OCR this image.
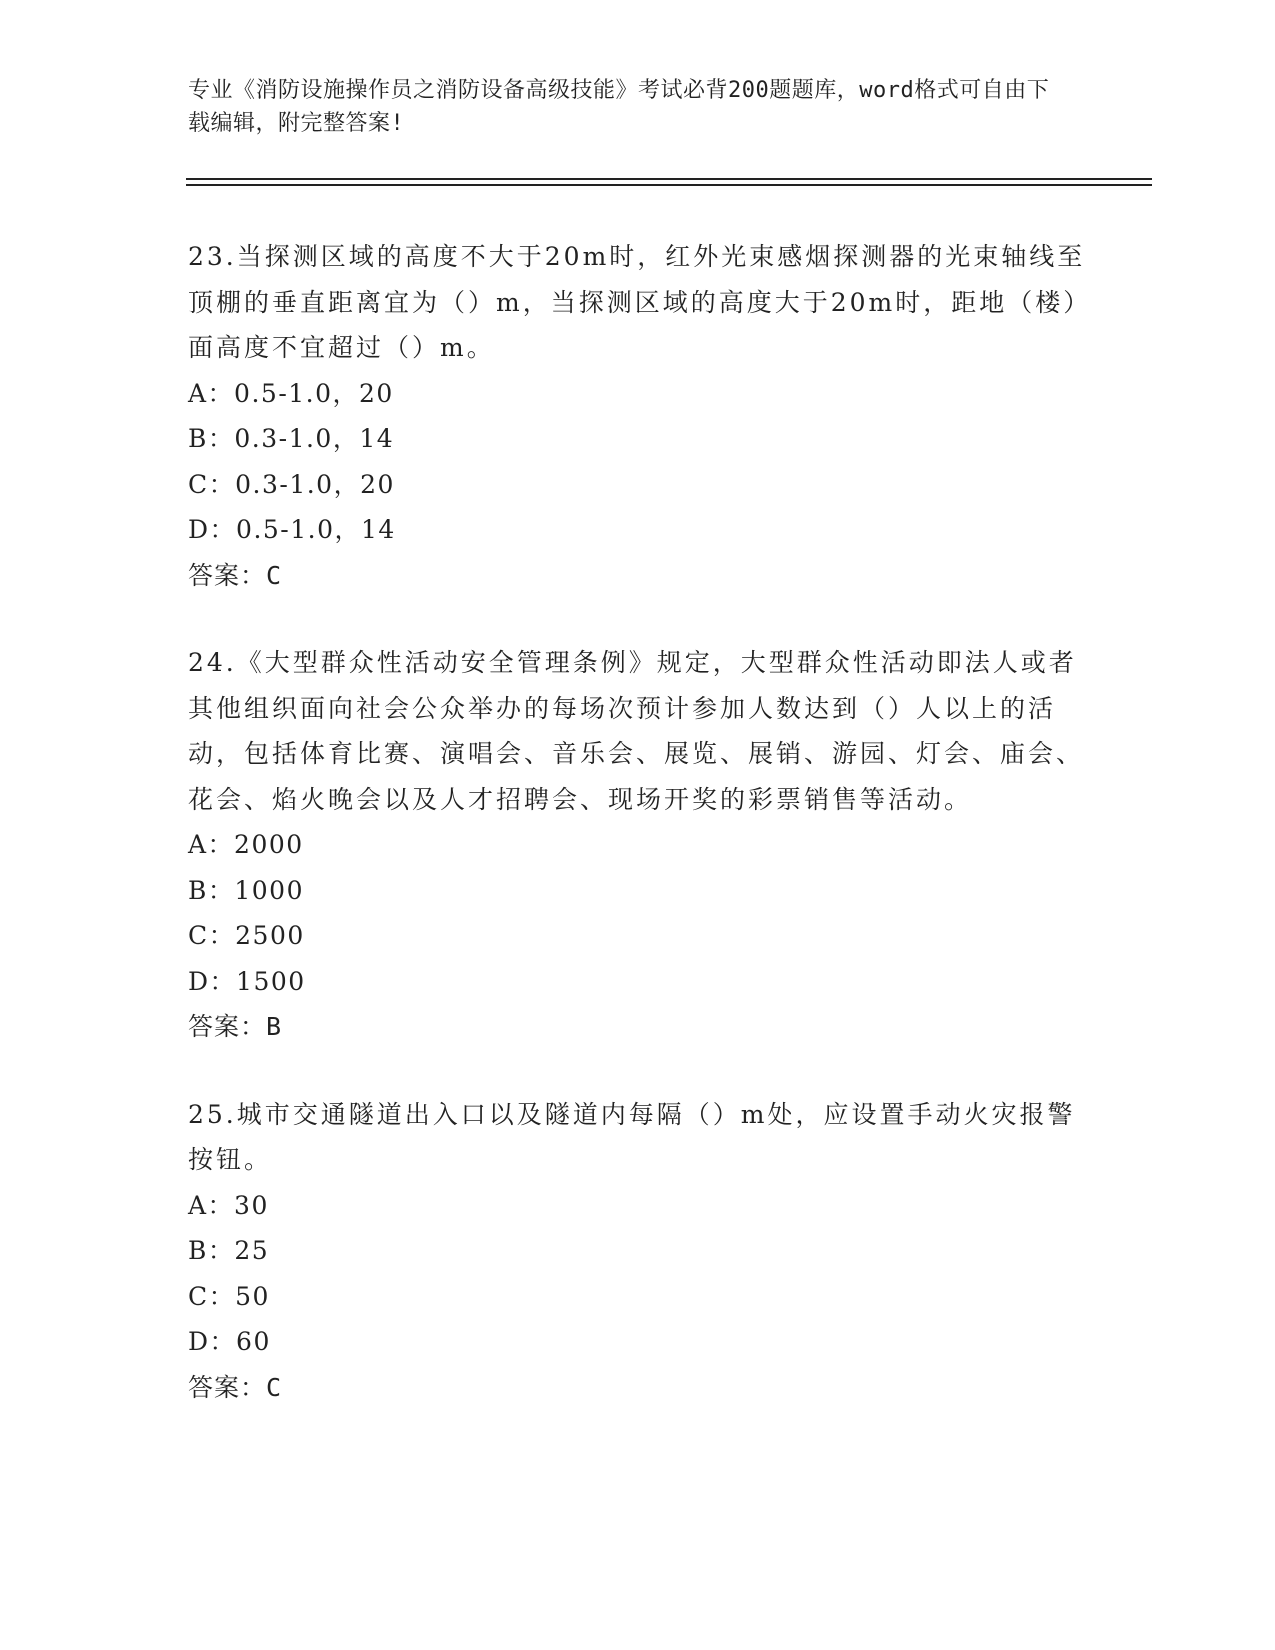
专业《消防设施操作员之消防设备高级技能》考试必背200题题库，word格式可自由下载编辑，附完整答案!
23.当探测区域的高度不大于20m时，红外光束感烟探测器的光束轴线至顶棚的垂直距离宜为（）m，当探测区域的高度大于20m时，距地（楼）面高度不宜超过（）m。
A：0.5-1.0，20
B：0.3-1.0，14
C：0.3-1.0，20
D：0.5-1.0，14
答案：C
24.《大型群众性活动安全管理条例》规定，大型群众性活动即法人或者其他组织面向社会公众举办的每场次预计参加人数达到（）人以上的活动，包括体育比赛、演唱会、音乐会、展览、展销、游园、灯会、庙会、花会、焰火晚会以及人才招聘会、现场开奖的彩票销售等活动。
A：2000
B：1000
C：2500
D：1500
答案：B
25.城市交通隧道出入口以及隧道内每隔（）m处，应设置手动火灾报警按钮。
A：30
B：25
C：50
D：60
答案：C
